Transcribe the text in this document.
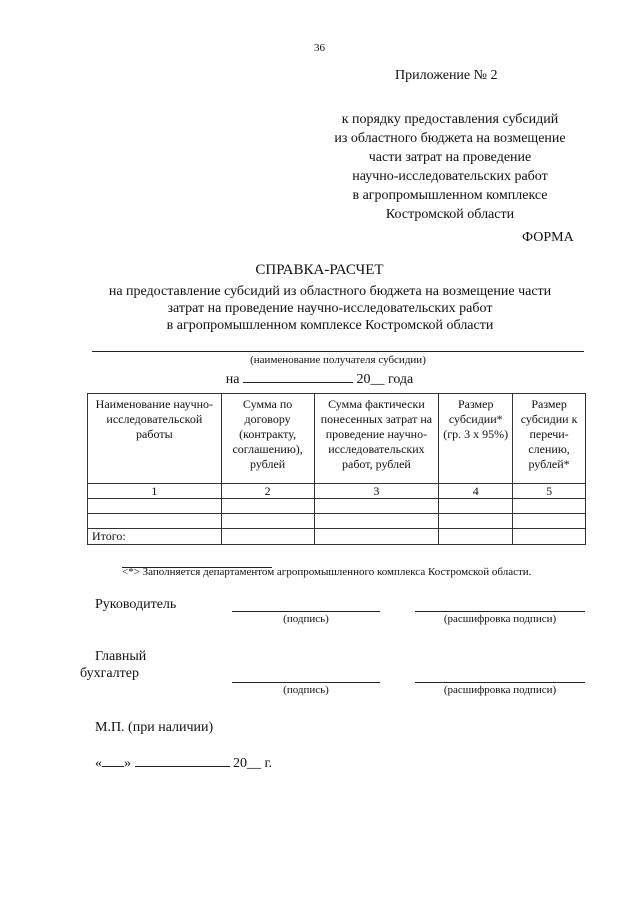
36
Приложение № 2
к порядку предоставления субсидий
из областного бюджета на возмещение
части затрат на проведение
научно-исследовательских работ
в агропромышленном комплексе
Костромской области
ФОРМА
СПРАВКА-РАСЧЕТ
на предоставление субсидий из областного бюджета на возмещение части
затрат на проведение научно-исследовательских работ
в агропромышленном комплексе Костромской области
(наименование получателя субсидии)
на	20__ года
Наименование научно-исследовательской работы	Сумма по договору (контракту, соглашению), рублей	Сумма фактически понесенных затрат на проведение научно-исследовательских работ, рублей	Размер субсидии* (гр. 3 x 95%)	Размер субсидии к перечи-слению, рублей*
1	2	3	4	5

Итого:				
<*> Заполняется департаментом агропромышленного комплекса Костромской области.
Руководитель
(подпись)	(расшифровка подписи)
Главный
бухгалтер
(подпись)	(расшифровка подписи)
М.П. (при наличии)
« »	20__ г.
